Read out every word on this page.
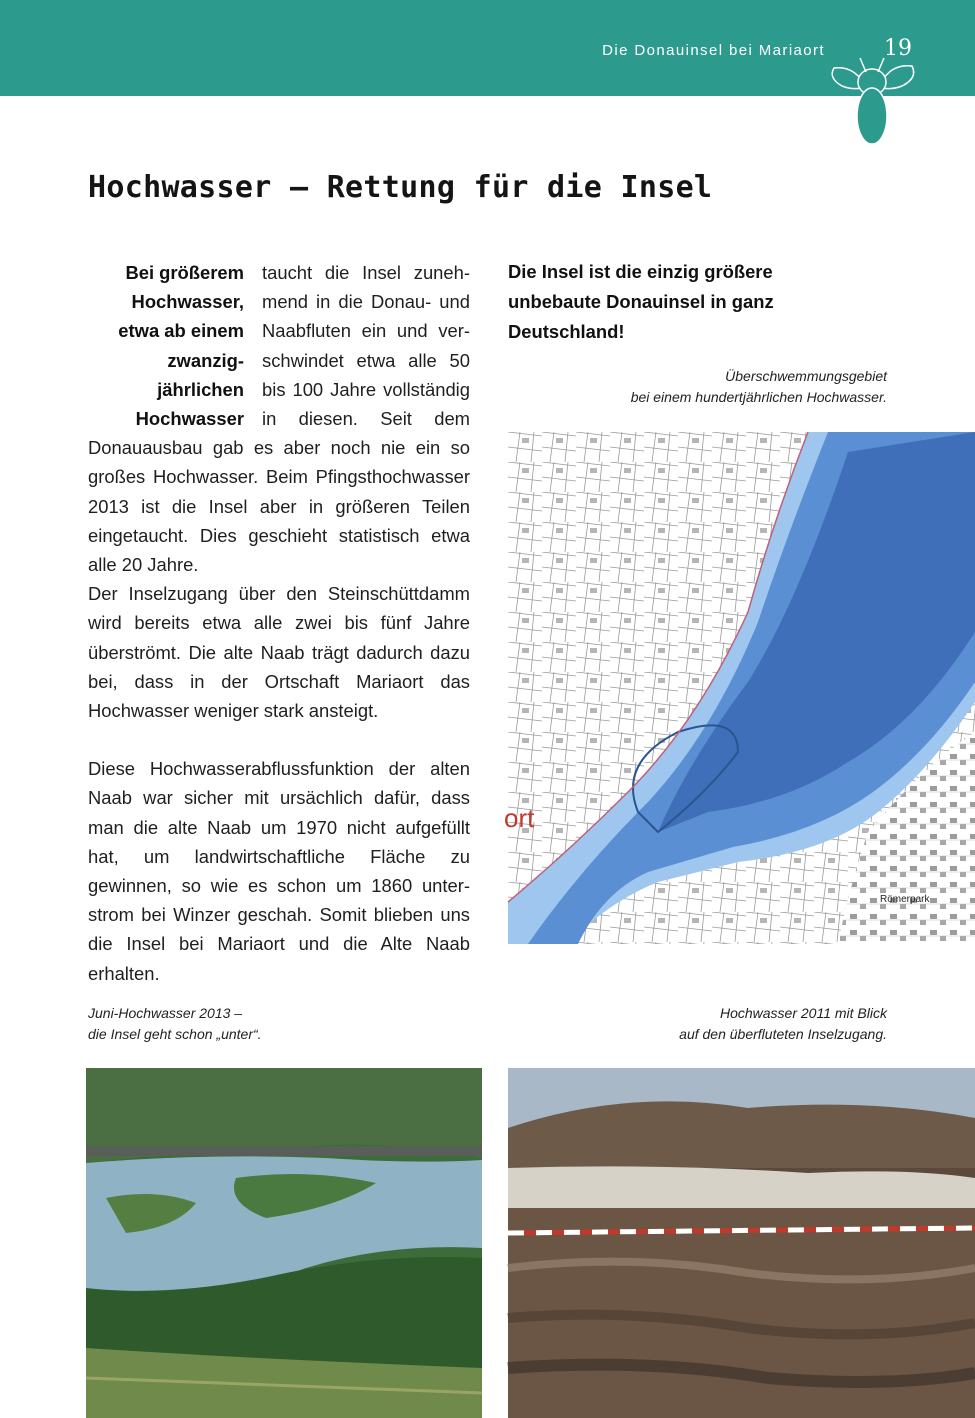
Die Donauinsel bei Mariaort	19
Hochwasser – Rettung für die Insel
Bei größerem Hochwasser, etwa ab einem zwanzigjährlichen Hochwasser

taucht die Insel zunehmend in die Donau- und Naabfluten ein und verschwindet etwa alle 50 bis 100 Jahre vollständig in diesen. Seit dem Donauausbau gab es aber noch nie ein so großes Hochwasser. Beim Pfingsthochwasser 2013 ist die Insel aber in größeren Teilen eingetaucht. Dies geschieht statistisch etwa alle 20 Jahre.

Der Inselzugang über den Steinschüttdamm wird bereits etwa alle zwei bis fünf Jahre überströmt. Die alte Naab trägt dadurch dazu bei, dass in der Ortschaft Mariaort das Hochwasser weniger stark ansteigt.

Diese Hochwasserabflussfunktion der alten Naab war sicher mit ursächlich dafür, dass man die alte Naab um 1970 nicht aufgefüllt hat, um landwirtschaftliche Fläche zu gewinnen, so wie es schon um 1860 unterstrom bei Winzer geschah. Somit blieben uns die Insel bei Mariaort und die Alte Naab erhalten.

Die Insel ist die einzig größere unbebaute Donauinsel in ganz Deutschland!

Überschwemmungsgebiet
bei einem hundertjährlichen Hochwasser.

Römerpark
ort

Juni-Hochwasser 2013 –
die Insel geht schon „unter“.

Hochwasser 2011 mit Blick
auf den überfluteten Inselzugang.
